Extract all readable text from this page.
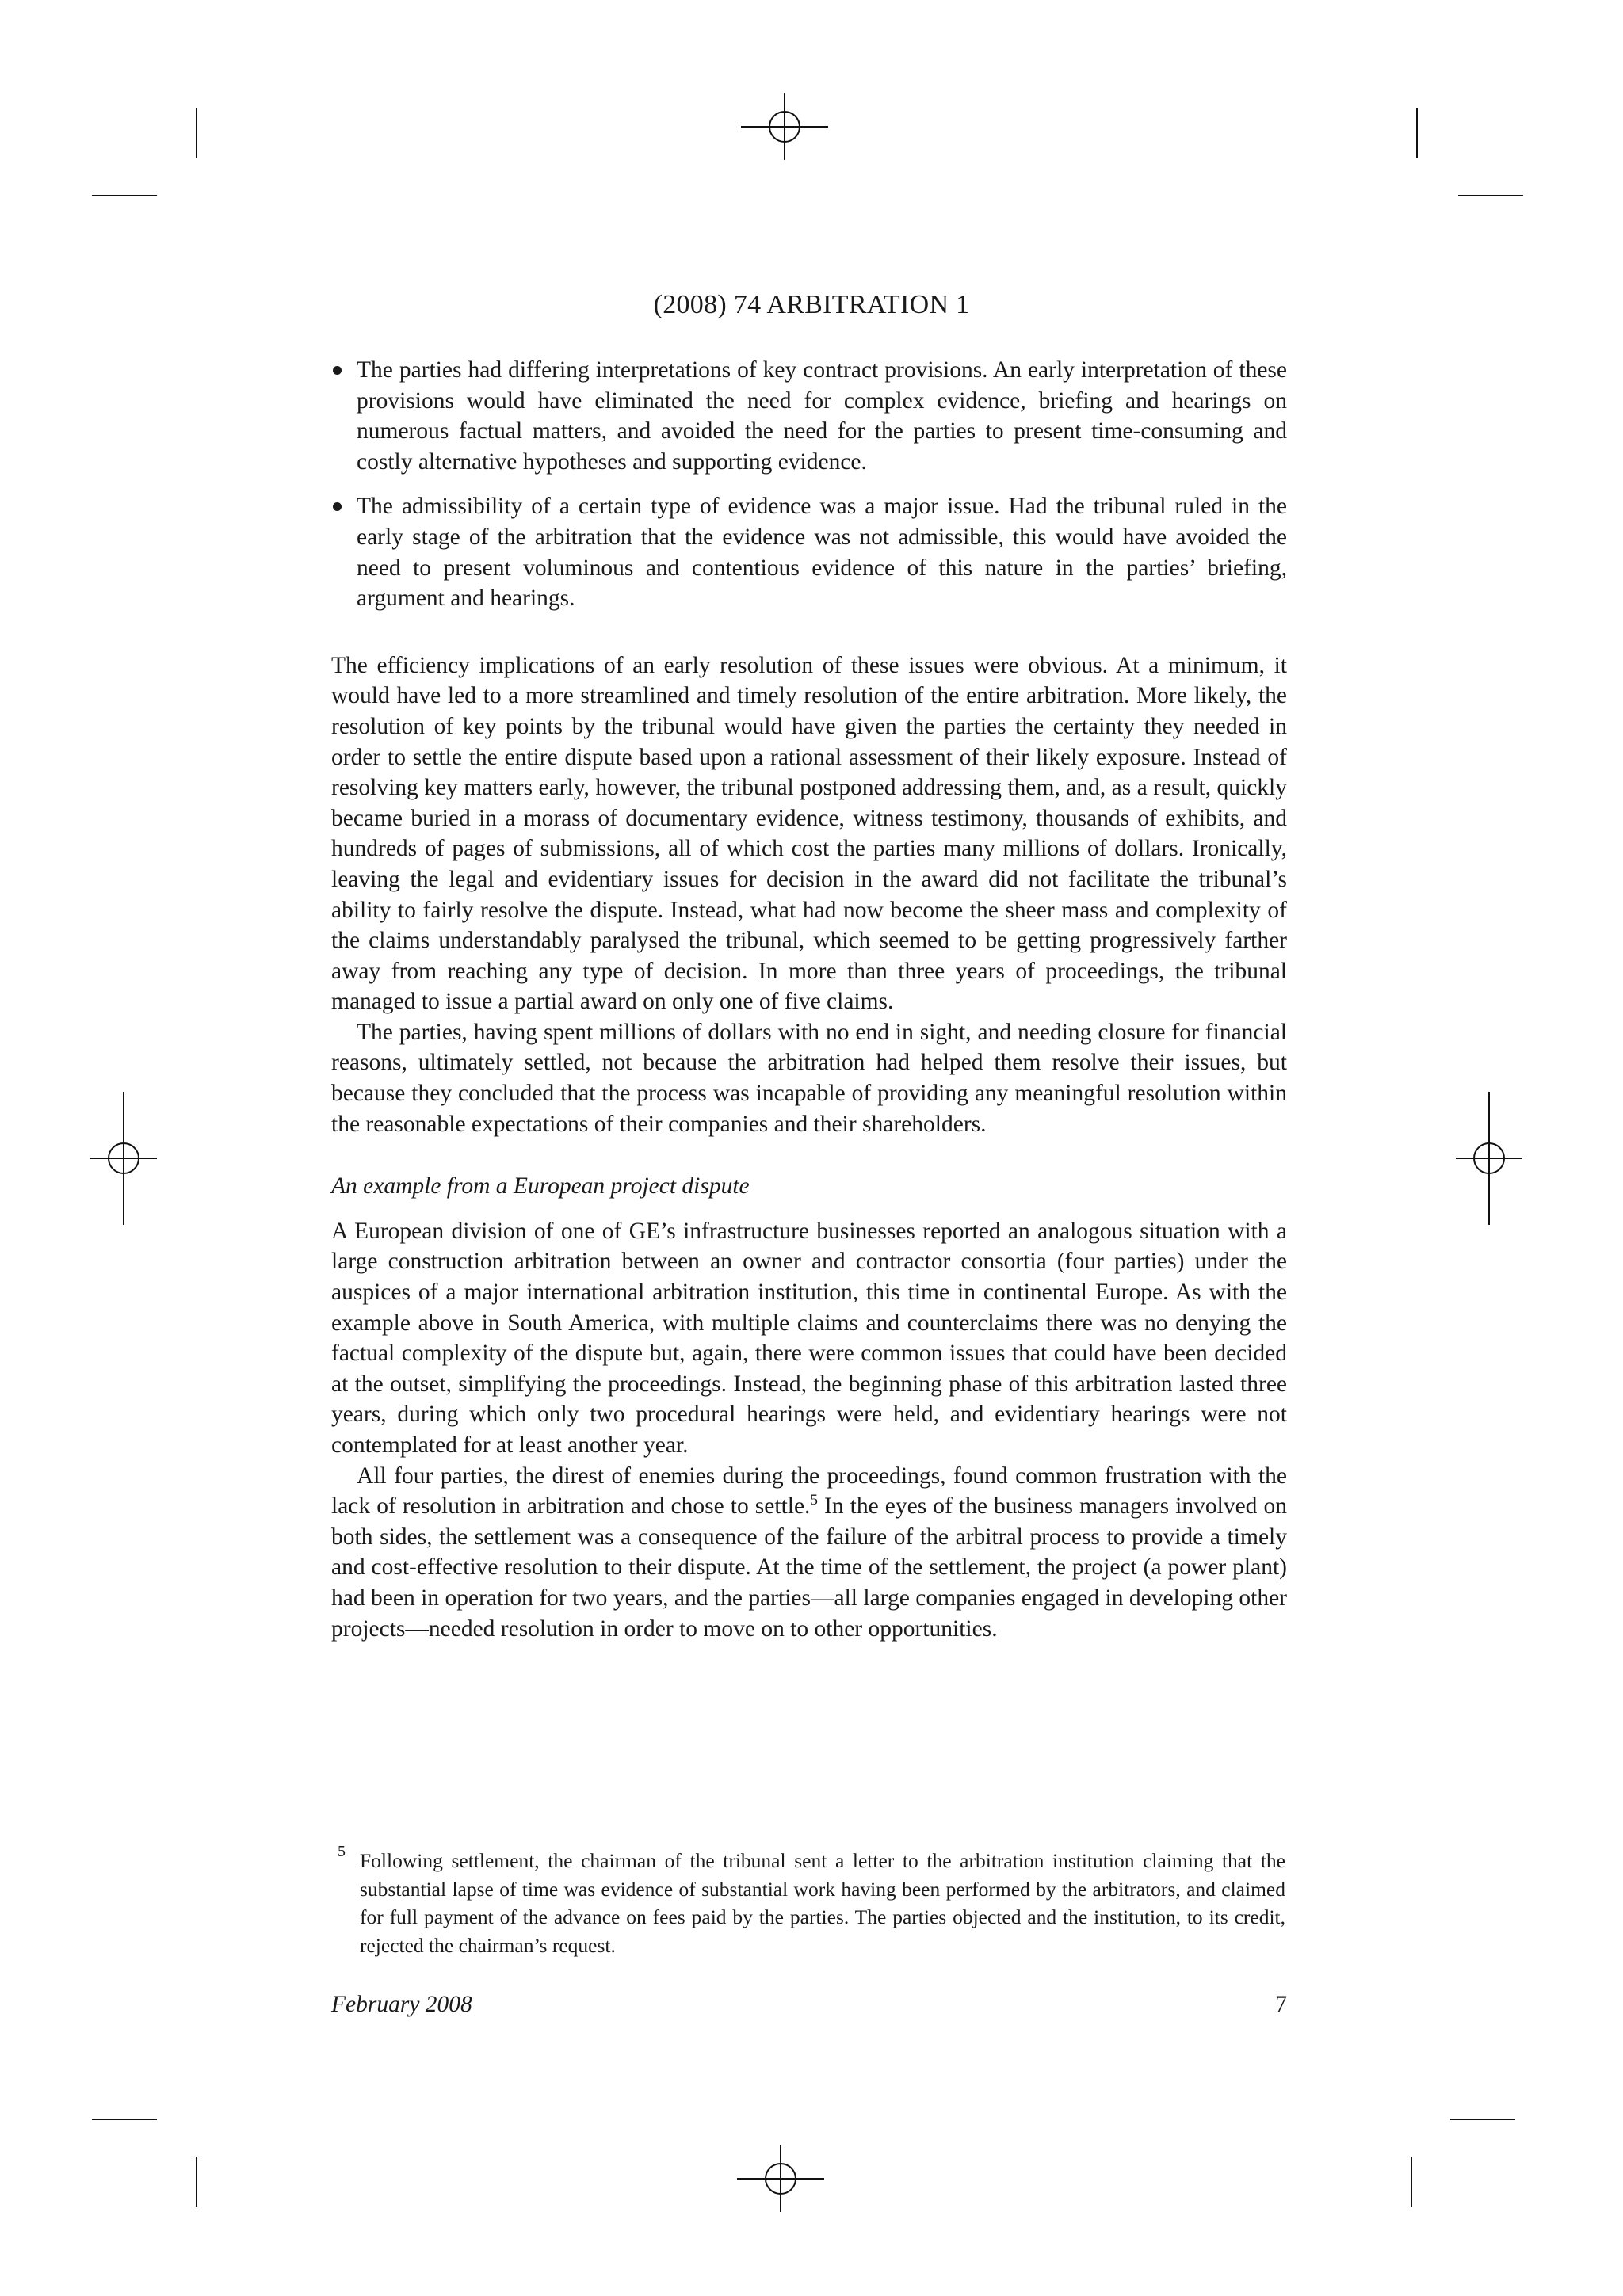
(2008) 74 ARBITRATION 1
The parties had differing interpretations of key contract provisions. An early interpretation of these provisions would have eliminated the need for complex evidence, briefing and hearings on numerous factual matters, and avoided the need for the parties to present time-consuming and costly alternative hypotheses and supporting evidence.
The admissibility of a certain type of evidence was a major issue. Had the tribunal ruled in the early stage of the arbitration that the evidence was not admissible, this would have avoided the need to present voluminous and contentious evidence of this nature in the parties’ briefing, argument and hearings.

The efficiency implications of an early resolution of these issues were obvious. At a minimum, it would have led to a more streamlined and timely resolution of the entire arbitration. More likely, the resolution of key points by the tribunal would have given the parties the certainty they needed in order to settle the entire dispute based upon a rational assessment of their likely exposure. Instead of resolving key matters early, however, the tribunal postponed addressing them, and, as a result, quickly became buried in a morass of documentary evidence, witness testimony, thousands of exhibits, and hundreds of pages of submissions, all of which cost the parties many millions of dollars. Ironically, leaving the legal and evidentiary issues for decision in the award did not facilitate the tribunal’s ability to fairly resolve the dispute. Instead, what had now become the sheer mass and complexity of the claims understandably paralysed the tribunal, which seemed to be getting progressively farther away from reaching any type of decision. In more than three years of proceedings, the tribunal managed to issue a partial award on only one of five claims.

The parties, having spent millions of dollars with no end in sight, and needing closure for financial reasons, ultimately settled, not because the arbitration had helped them resolve their issues, but because they concluded that the process was incapable of providing any meaningful resolution within the reasonable expectations of their companies and their shareholders.

An example from a European project dispute

A European division of one of GE’s infrastructure businesses reported an analogous situation with a large construction arbitration between an owner and contractor consortia (four parties) under the auspices of a major international arbitration institution, this time in continental Europe. As with the example above in South America, with multiple claims and counterclaims there was no denying the factual complexity of the dispute but, again, there were common issues that could have been decided at the outset, simplifying the proceedings. Instead, the beginning phase of this arbitration lasted three years, during which only two procedural hearings were held, and evidentiary hearings were not contemplated for at least another year.

All four parties, the direst of enemies during the proceedings, found common frustration with the lack of resolution in arbitration and chose to settle.$^5$ In the eyes of the business managers involved on both sides, the settlement was a consequence of the failure of the arbitral process to provide a timely and cost-effective resolution to their dispute. At the time of the settlement, the project (a power plant) had been in operation for two years, and the parties—all large companies engaged in developing other projects—needed resolution in order to move on to other opportunities.

5 Following settlement, the chairman of the tribunal sent a letter to the arbitration institution claiming that the substantial lapse of time was evidence of substantial work having been performed by the arbitrators, and claimed for full payment of the advance on fees paid by the parties. The parties objected and the institution, to its credit, rejected the chairman’s request.
February 2008	7
